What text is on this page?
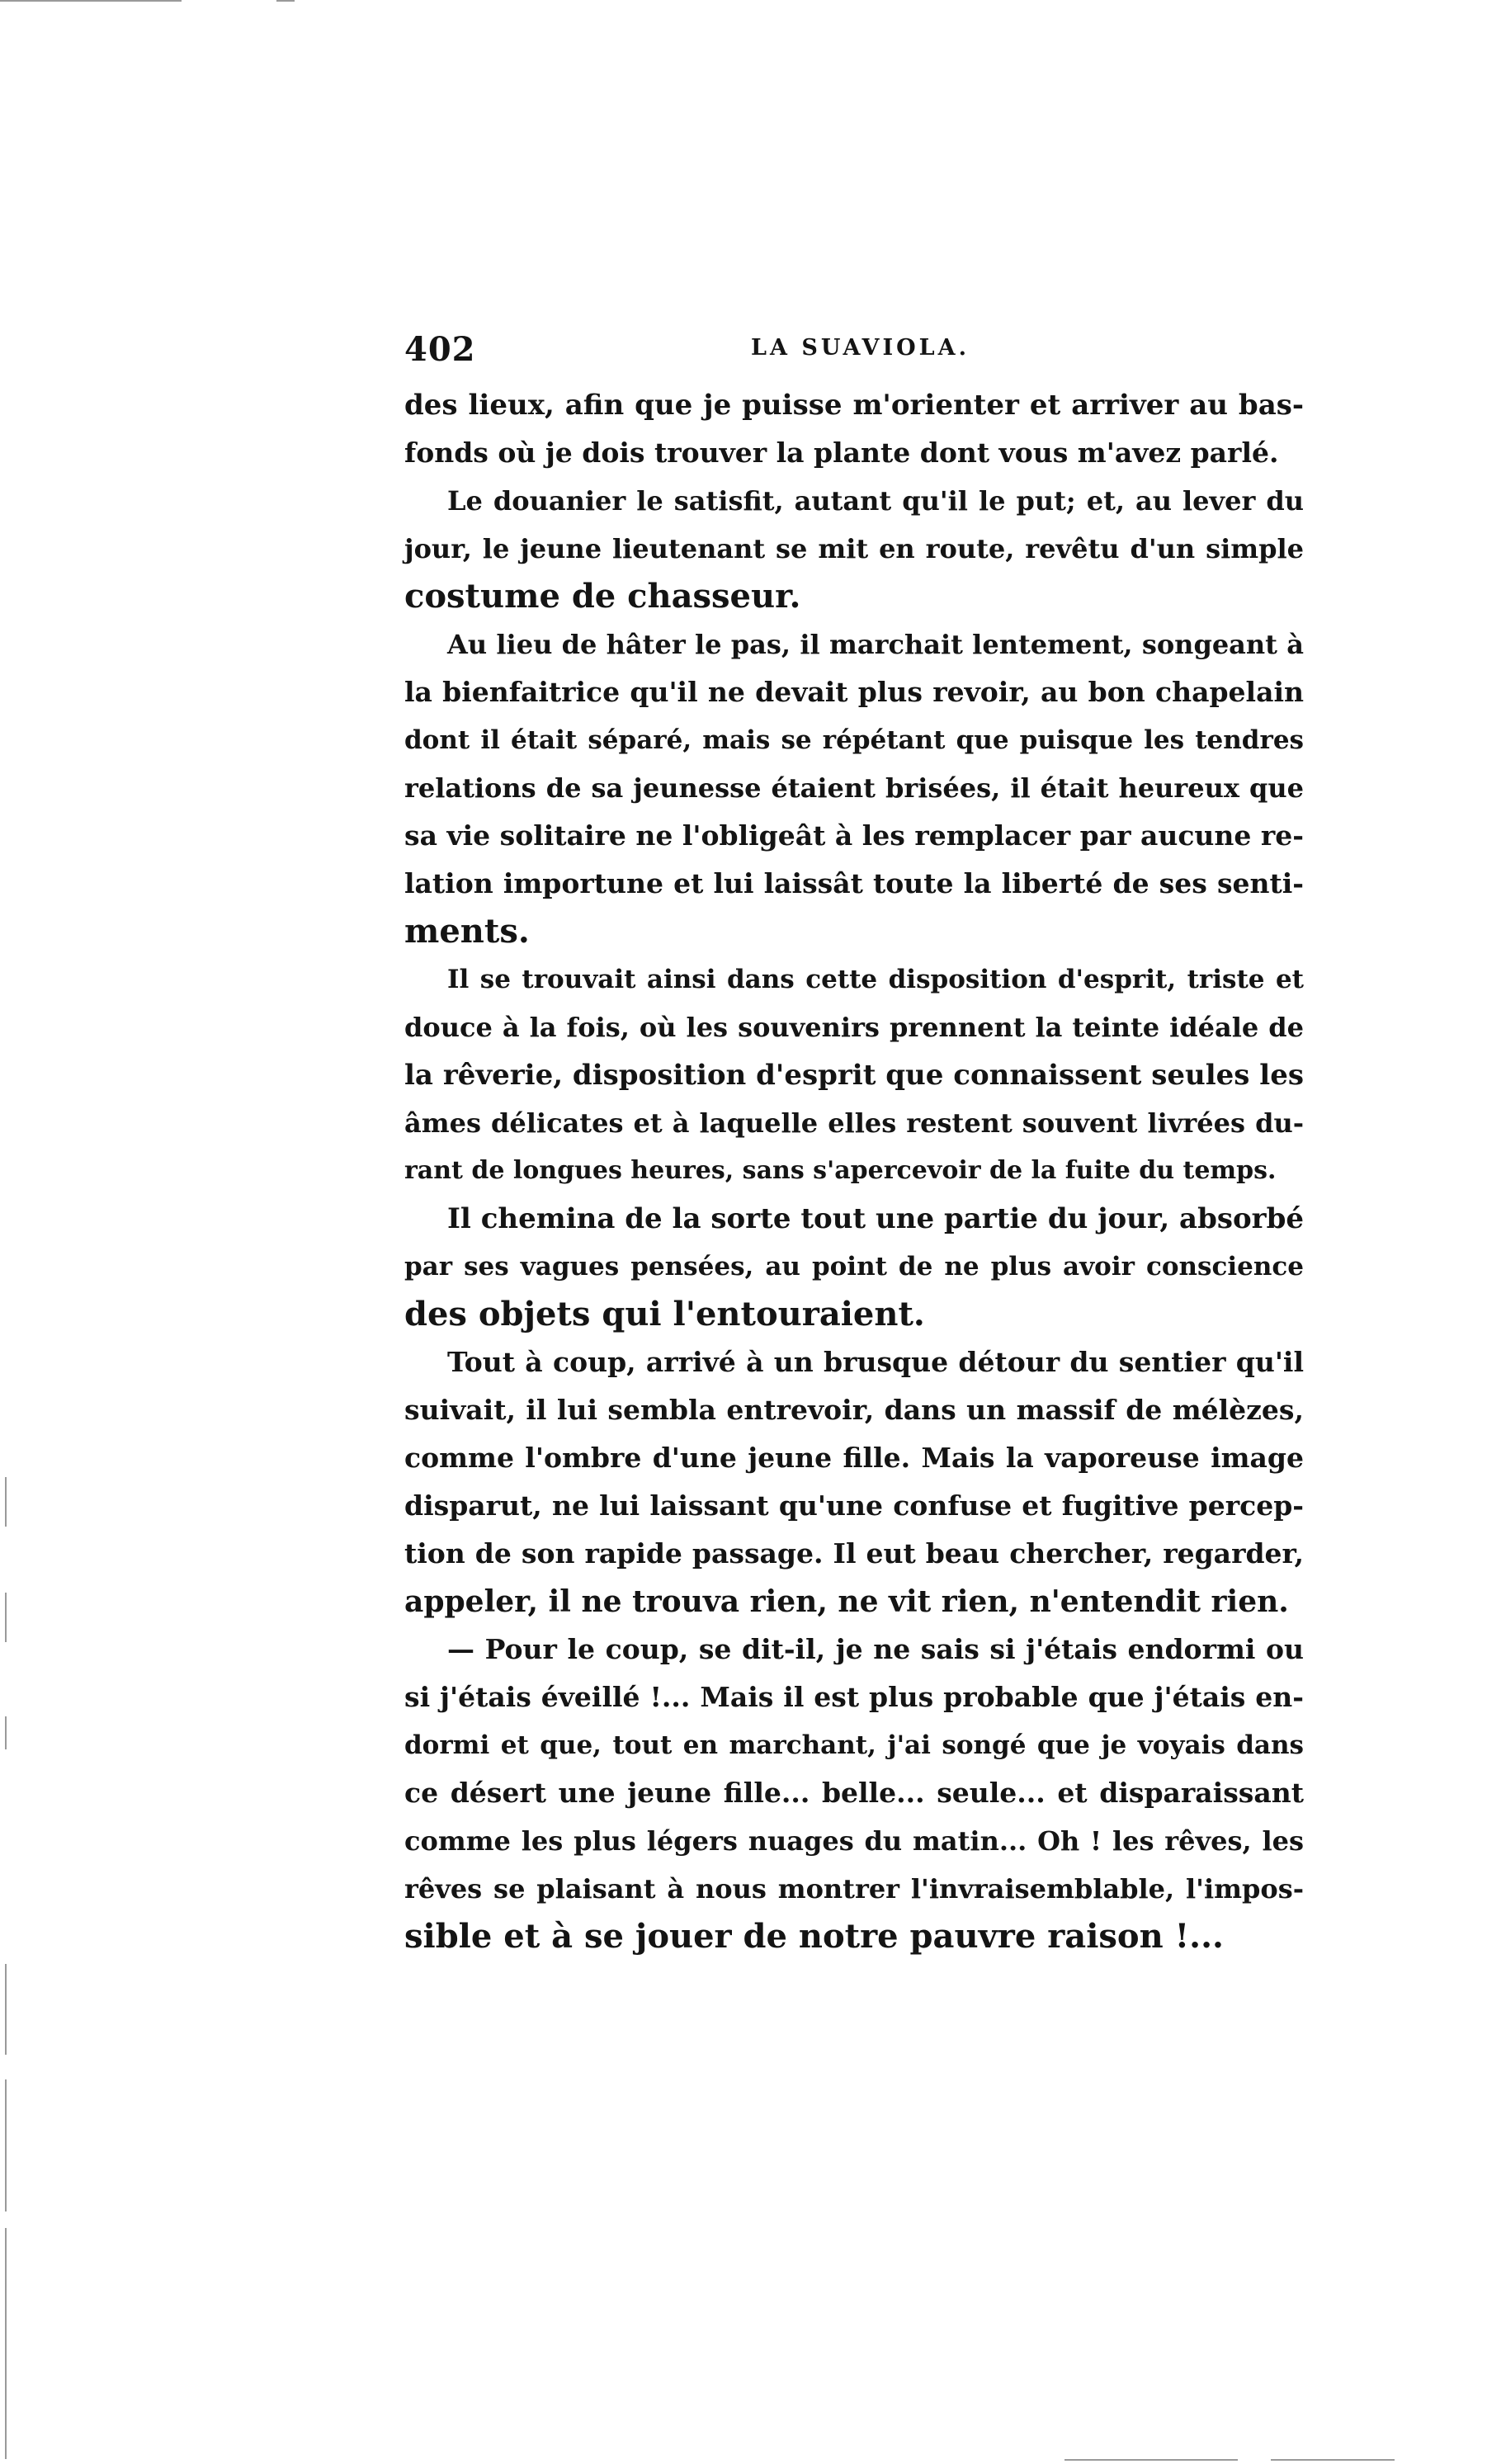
402	LA SUAVIOLA.
des lieux, afin que je puisse m'orienter et arriver au bas-
fonds où je dois trouver la plante dont vous m'avez parlé.
Le douanier le satisfit, autant qu'il le put; et, au lever du
jour, le jeune lieutenant se mit en route, revêtu d'un simple
costume de chasseur.
Au lieu de hâter le pas, il marchait lentement, songeant à
la bienfaitrice qu'il ne devait plus revoir, au bon chapelain
dont il était séparé, mais se répétant que puisque les tendres
relations de sa jeunesse étaient brisées, il était heureux que
sa vie solitaire ne l'obligeât à les remplacer par aucune re-
lation importune et lui laissât toute la liberté de ses senti-
ments.
Il se trouvait ainsi dans cette disposition d'esprit, triste et
douce à la fois, où les souvenirs prennent la teinte idéale de
la rêverie, disposition d'esprit que connaissent seules les
âmes délicates et à laquelle elles restent souvent livrées du-
rant de longues heures, sans s'apercevoir de la fuite du temps.
Il chemina de la sorte tout une partie du jour, absorbé
par ses vagues pensées, au point de ne plus avoir conscience
des objets qui l'entouraient.
Tout à coup, arrivé à un brusque détour du sentier qu'il
suivait, il lui sembla entrevoir, dans un massif de mélèzes,
comme l'ombre d'une jeune fille. Mais la vaporeuse image
disparut, ne lui laissant qu'une confuse et fugitive percep-
tion de son rapide passage. Il eut beau chercher, regarder,
appeler, il ne trouva rien, ne vit rien, n'entendit rien.
— Pour le coup, se dit-il, je ne sais si j'étais endormi ou
si j'étais éveillé !... Mais il est plus probable que j'étais en-
dormi et que, tout en marchant, j'ai songé que je voyais dans
ce désert une jeune fille... belle... seule... et disparaissant
comme les plus légers nuages du matin... Oh ! les rêves, les
rêves se plaisant à nous montrer l'invraisemblable, l'impos-
sible et à se jouer de notre pauvre raison !...
